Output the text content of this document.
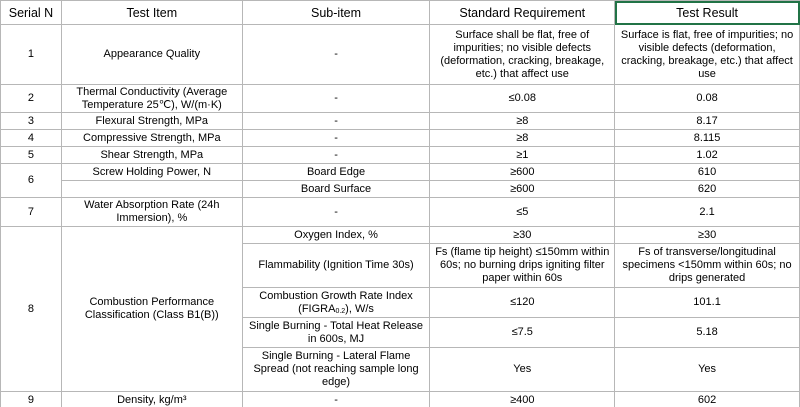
Serial N	Test Item	Sub-item	Standard Requirement	Test Result
1	Appearance Quality	-	Surface shall be flat, free of impurities; no visible defects (deformation, cracking, breakage, etc.) that affect use	Surface is flat, free of impurities; no visible defects (deformation, cracking, breakage, etc.) that affect use
2	Thermal Conductivity (Average Temperature 25℃), W/(m·K)	-	≤0.08	0.08
3	Flexural Strength, MPa	-	≥8	8.17
4	Compressive Strength, MPa	-	≥8	8.115
5	Shear Strength, MPa	-	≥1	1.02
6	Screw Holding Power, N	Board Edge	≥600	610
		Board Surface	≥600	620
7	Water Absorption Rate (24h Immersion), %	-	≤5	2.1
8	Combustion Performance Classification (Class B1(B))	Oxygen Index, %	≥30	≥30
		Flammability (Ignition Time 30s)	Fs (flame tip height) ≤150mm within 60s; no burning drips igniting filter paper within 60s	Fs of transverse/longitudinal specimens <150mm within 60s; no drips generated
		Combustion Growth Rate Index $(FIGRA_{0.2})$, W/s	≤120	101.1
		Single Burning - Total Heat Release in 600s, MJ	≤7.5	5.18
		Single Burning - Lateral Flame Spread (not reaching sample long edge)	Yes	Yes
9	Density, kg/m³	-	≥400	602
